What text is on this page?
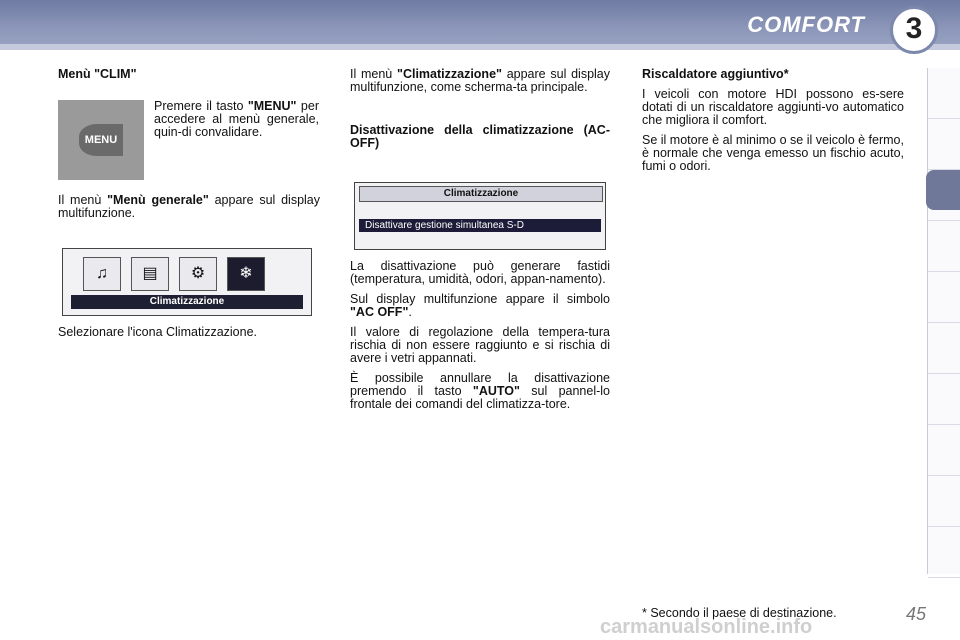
COMFORT	3

Menù "CLIM"

MENU

Premere il tasto "MENU" per accedere al menù generale, quin-di convalidare.

Il menù "Menù generale" appare sul display multifunzione.

♫	▤	⚙	❄
Climatizzazione

Selezionare l'icona Climatizzazione.

Il menù "Climatizzazione" appare sul display multifunzione, come scherma-ta principale.

Disattivazione della climatizzazione (AC-OFF)

Climatizzazione
Disattivare gestione simultanea S-D

La disattivazione può generare fastidi (temperatura, umidità, odori, appan-namento).

Sul display multifunzione appare il simbolo "AC OFF".

Il valore di regolazione della tempera-tura rischia di non essere raggiunto e si rischia di avere i vetri appannati.

È possibile annullare la disattivazione premendo il tasto "AUTO" sul pannel-lo frontale dei comandi del climatizza-tore.

Riscaldatore aggiuntivo*

I veicoli con motore HDI possono es-sere dotati di un riscaldatore aggiunti-vo automatico che migliora il comfort.

Se il motore è al minimo o se il veicolo è fermo, è normale che venga emesso un fischio acuto, fumi o odori.

carmanualsonline.info
* Secondo il paese di destinazione.	45
